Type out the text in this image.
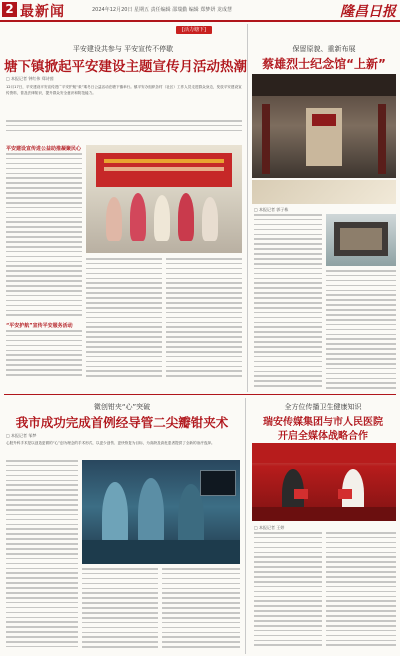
2 最新闻	2024年12月20日 星期五 责任编辑 邵瑞勤 编辑 郑梦妍 龙成慧	隆昌日报
[活力塘下]
平安建设共参与 平安宣传不停歇
塘下镇掀起平安建设主题宣传月活动热潮
□ 本报记者 钟红伟 郑诗茵
12月17日，平安建设平安宣传进广平安护航“象”乘冬日公益活动在塘下镇举行。镇平安办组织各村（社区）工作人员走进群众身边，发放平安建设宣传资料，普及法律知识，提升群众安全意识和防范能力。
平安建设宣传进公益助推凝聚民心
“平安护航”宣传平安服务活动
保留原貌、重新布展
蔡雄烈士纪念馆“上新”
□ 本报记者 郭子栋
微创钳夹“心”突破
我市成功完成首例经导管二尖瓣钳夹术
□ 本报记者 邹梦
心脏外科手术是以创造更微的“心”创为理念的手术形式，以更少创伤、更快恢复为目标，为高龄及高危患者提供了全新的治疗选择。
全方位传播卫生健康知识
瑞安传媒集团与市人民医院
开启全媒体战略合作
□ 本报记者 王婷
